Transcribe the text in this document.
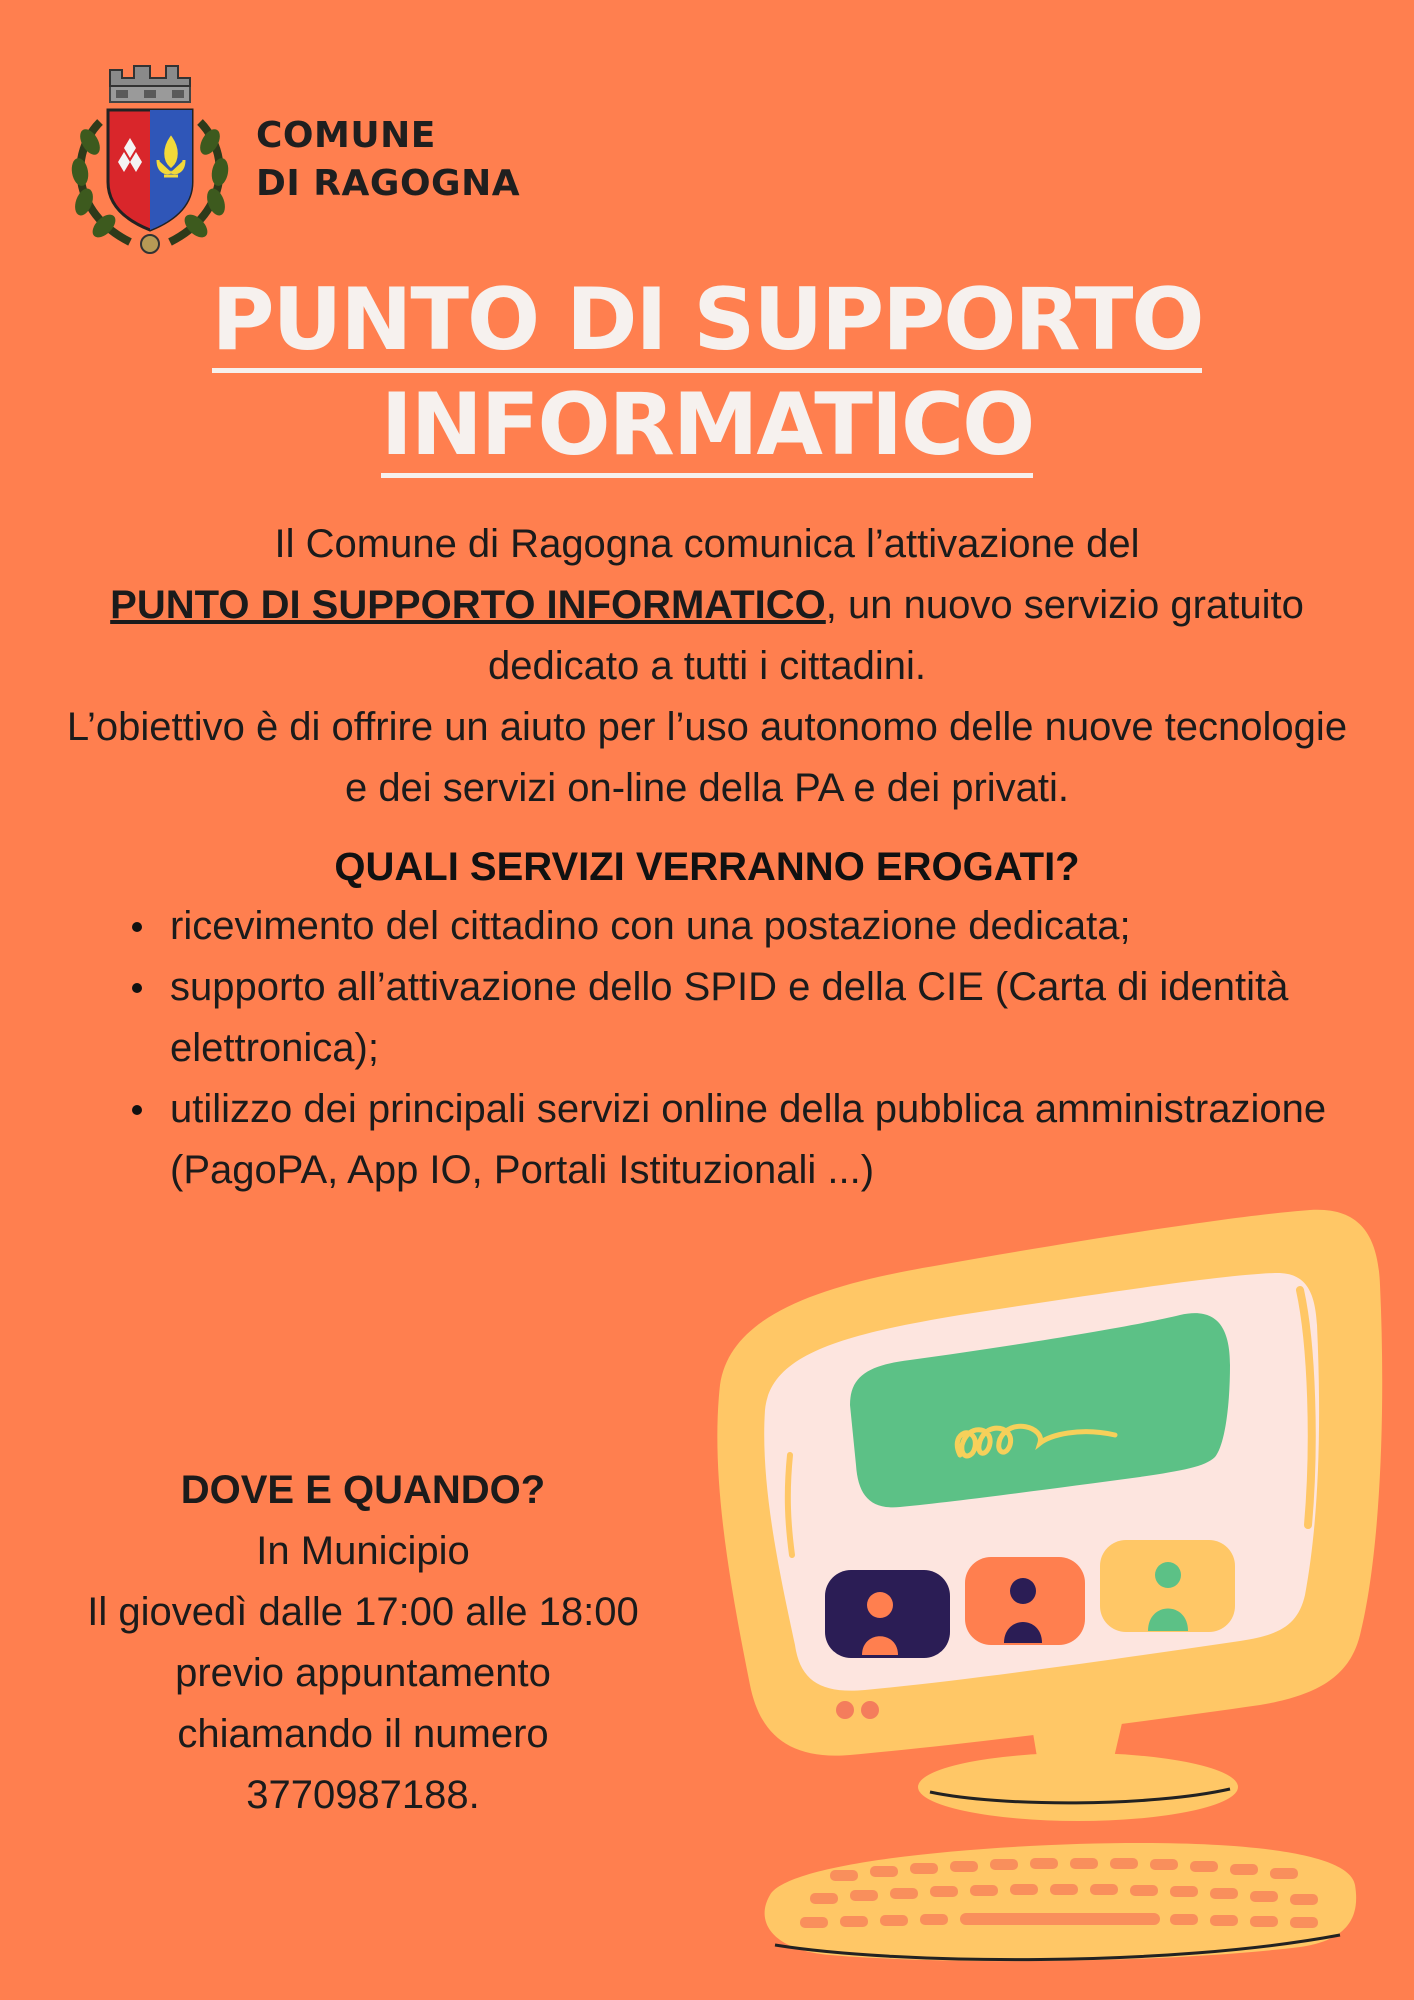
COMUNE
DI RAGOGNA
PUNTO DI SUPPORTO
INFORMATICO
Il Comune di Ragogna comunica l’attivazione del
PUNTO DI SUPPORTO INFORMATICO, un nuovo servizio gratuito dedicato a tutti i cittadini.
L’obiettivo è di offrire un aiuto per l’uso autonomo delle nuove tecnologie e dei servizi on-line della PA e dei privati.
QUALI SERVIZI VERRANNO EROGATI?
ricevimento del cittadino con una postazione dedicata;
supporto all’attivazione dello SPID e della CIE (Carta di identità elettronica);
utilizzo dei principali servizi online della pubblica amministrazione (PagoPA, App IO, Portali Istituzionali ...)
DOVE E QUANDO?
In Municipio
Il giovedì dalle 17:00 alle 18:00
previo appuntamento
chiamando il numero
3770987188.
